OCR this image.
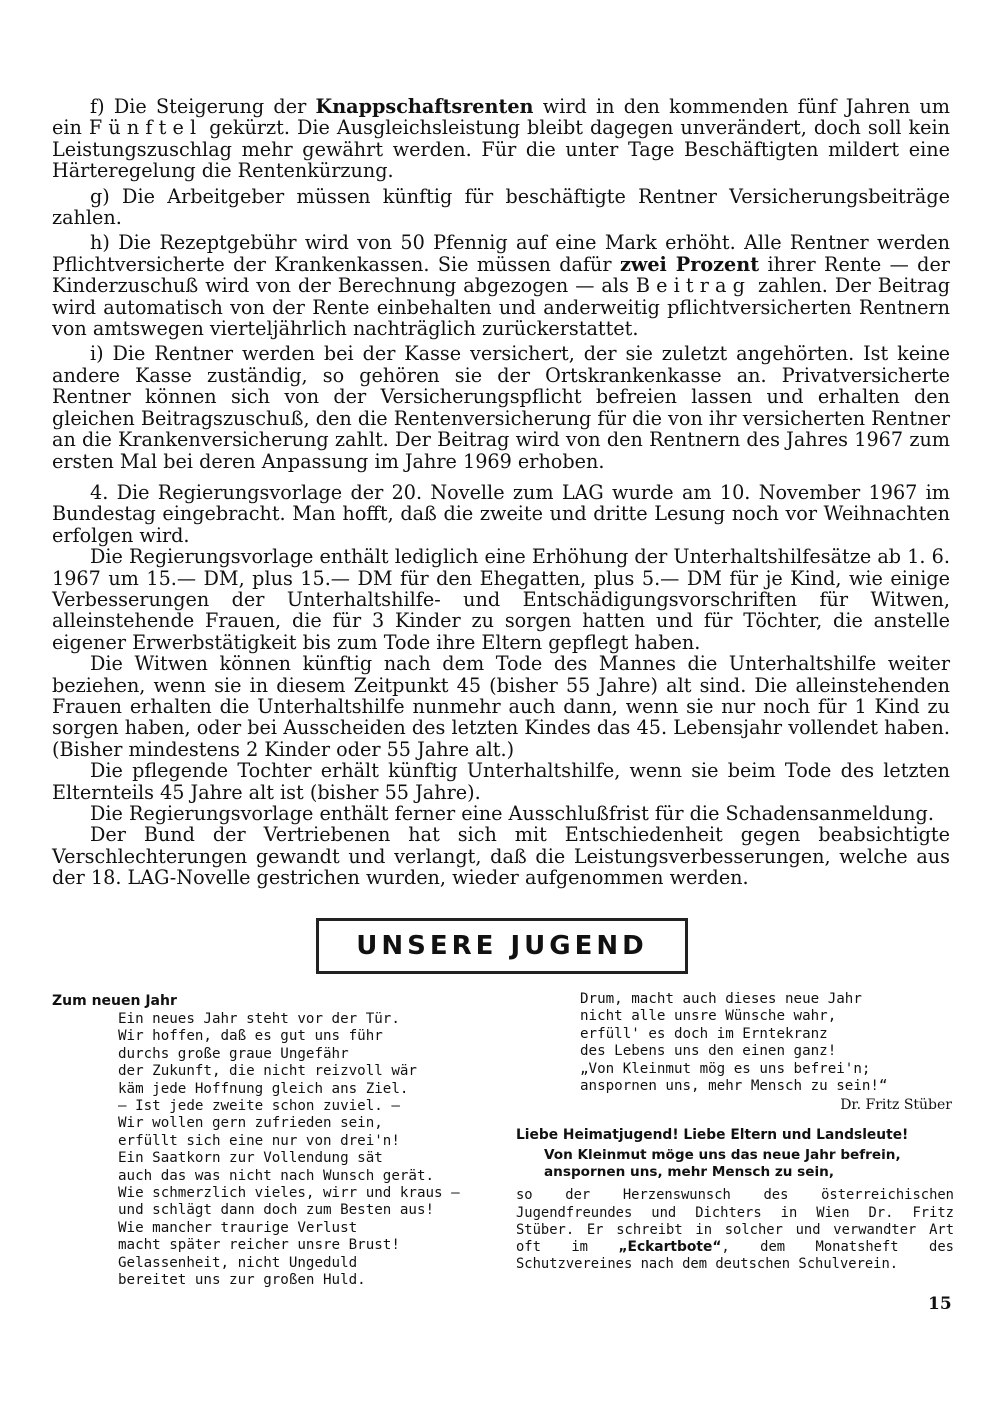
f) Die Steigerung der Knappschaftsrenten wird in den kommenden fünf Jahren um ein Fünftel gekürzt. Die Ausgleichsleistung bleibt dagegen unverändert, doch soll kein Leistungszuschlag mehr gewährt werden. Für die unter Tage Beschäftigten mildert eine Härteregelung die Rentenkürzung.

g) Die Arbeitgeber müssen künftig für beschäftigte Rentner Versicherungsbeiträge zahlen.

h) Die Rezeptgebühr wird von 50 Pfennig auf eine Mark erhöht. Alle Rentner werden Pflichtversicherte der Krankenkassen. Sie müssen dafür zwei Prozent ihrer Rente — der Kinderzuschuß wird von der Berechnung abgezogen — als Beitrag zahlen. Der Beitrag wird automatisch von der Rente einbehalten und anderweitig pflichtversicherten Rentnern von amtswegen vierteljährlich nachträglich zurückerstattet.

i) Die Rentner werden bei der Kasse versichert, der sie zuletzt angehörten. Ist keine andere Kasse zuständig, so gehören sie der Ortskrankenkasse an. Privatversicherte Rentner können sich von der Versicherungspflicht befreien lassen und erhalten den gleichen Beitragszuschuß, den die Rentenversicherung für die von ihr versicherten Rentner an die Krankenversicherung zahlt. Der Beitrag wird von den Rentnern des Jahres 1967 zum ersten Mal bei deren Anpassung im Jahre 1969 erhoben.

4. Die Regierungsvorlage der 20. Novelle zum LAG wurde am 10. November 1967 im Bundestag eingebracht. Man hofft, daß die zweite und dritte Lesung noch vor Weihnachten erfolgen wird.

Die Regierungsvorlage enthält lediglich eine Erhöhung der Unterhaltshilfesätze ab 1. 6. 1967 um 15.— DM, plus 15.— DM für den Ehegatten, plus 5.— DM für je Kind, wie einige Verbesserungen der Unterhaltshilfe- und Entschädigungsvorschriften für Witwen, alleinstehende Frauen, die für 3 Kinder zu sorgen hatten und für Töchter, die anstelle eigener Erwerbstätigkeit bis zum Tode ihre Eltern gepflegt haben.

Die Witwen können künftig nach dem Tode des Mannes die Unterhaltshilfe weiter beziehen, wenn sie in diesem Zeitpunkt 45 (bisher 55 Jahre) alt sind. Die alleinstehenden Frauen erhalten die Unterhaltshilfe nunmehr auch dann, wenn sie nur noch für 1 Kind zu sorgen haben, oder bei Ausscheiden des letzten Kindes das 45. Lebensjahr vollendet haben. (Bisher mindestens 2 Kinder oder 55 Jahre alt.)

Die pflegende Tochter erhält künftig Unterhaltshilfe, wenn sie beim Tode des letzten Elternteils 45 Jahre alt ist (bisher 55 Jahre).

Die Regierungsvorlage enthält ferner eine Ausschlußfrist für die Schadensanmeldung.

Der Bund der Vertriebenen hat sich mit Entschiedenheit gegen beabsichtigte Verschlechterungen gewandt und verlangt, daß die Leistungsverbesserungen, welche aus der 18. LAG-Novelle gestrichen wurden, wieder aufgenommen werden.

UNSERE JUGEND
Zum neuen Jahr
Ein neues Jahr steht vor der Tür.
Wir hoffen, daß es gut uns führ
durchs große graue Ungefähr
der Zukunft, die nicht reizvoll wär
käm jede Hoffnung gleich ans Ziel.
— Ist jede zweite schon zuviel. —
Wir wollen gern zufrieden sein,
erfüllt sich eine nur von drei'n!
Ein Saatkorn zur Vollendung sät
auch das was nicht nach Wunsch gerät.
Wie schmerzlich vieles, wirr und kraus —
und schlägt dann doch zum Besten aus!
Wie mancher traurige Verlust
macht später reicher unsre Brust!
Gelassenheit, nicht Ungeduld
bereitet uns zur großen Huld.
Drum, macht auch dieses neue Jahr
nicht alle unsre Wünsche wahr,
erfüll' es doch im Erntekranz
des Lebens uns den einen ganz!
„Von Kleinmut mög es uns befrei'n;
anspornen uns, mehr Mensch zu sein!“
Dr. Fritz Stüber
Liebe Heimatjugend! Liebe Eltern und Landsleute!
Von Kleinmut möge uns das neue Jahr befrein,
anspornen uns, mehr Mensch zu sein,

so der Herzenswunsch des österreichischen Jugendfreundes und Dichters in Wien Dr. Fritz Stüber. Er schreibt in solcher und verwandter Art oft im „Eckartbote“, dem Monatsheft des Schutzvereines nach dem deutschen Schulverein.

15
